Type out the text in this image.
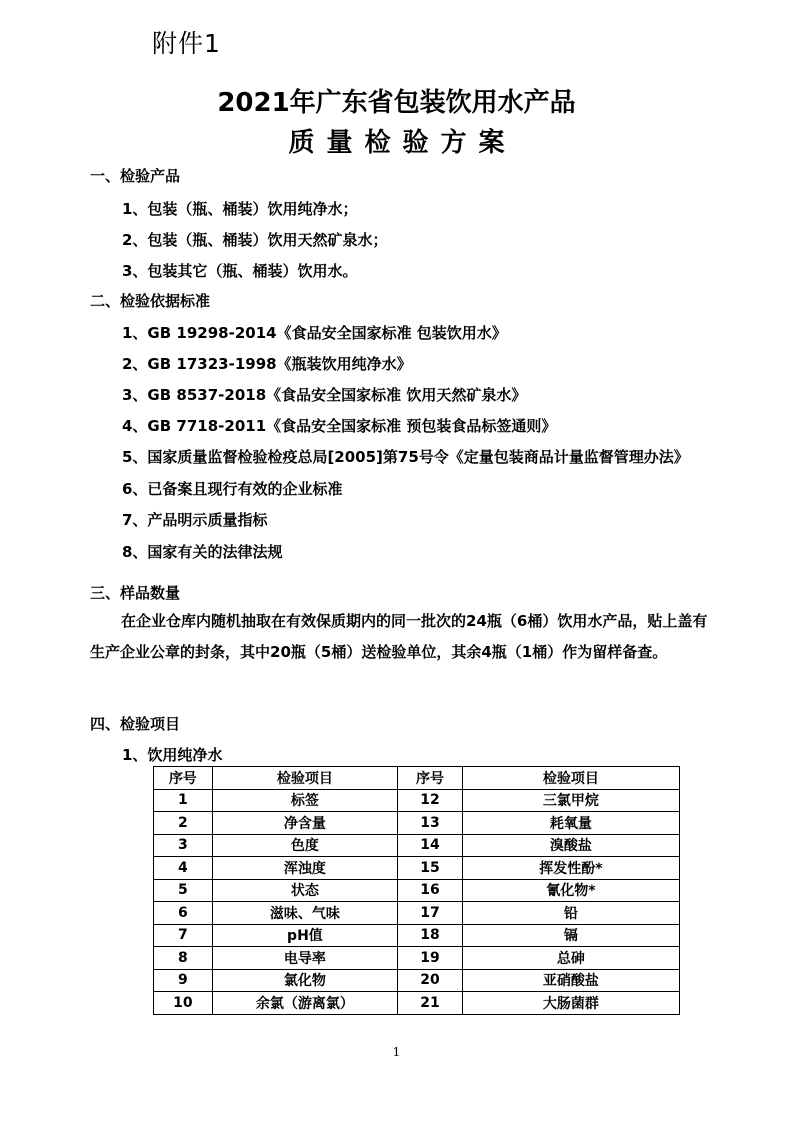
附件1
2021年广东省包装饮用水产品
质量检验方案
一、检验产品
1、包装（瓶、桶装）饮用纯净水；
2、包装（瓶、桶装）饮用天然矿泉水；
3、包装其它（瓶、桶装）饮用水。
二、检验依据标准
1、GB 19298-2014《食品安全国家标准 包装饮用水》
2、GB 17323-1998《瓶装饮用纯净水》
3、GB 8537-2018《食品安全国家标准 饮用天然矿泉水》
4、GB 7718-2011《食品安全国家标准 预包装食品标签通则》
5、国家质量监督检验检疫总局[2005]第75号令《定量包装商品计量监督管理办法》
6、已备案且现行有效的企业标准
7、产品明示质量指标
8、国家有关的法律法规
三、样品数量
在企业仓库内随机抽取在有效保质期内的同一批次的24瓶（6桶）饮用水产品，贴上盖有生产企业公章的封条，其中20瓶（5桶）送检验单位，其余4瓶（1桶）作为留样备查。
四、检验项目
1、饮用纯净水
序号	检验项目	序号	检验项目
1	标签	12	三氯甲烷
2	净含量	13	耗氧量
3	色度	14	溴酸盐
4	浑浊度	15	挥发性酚*
5	状态	16	氰化物*
6	滋味、气味	17	铅
7	pH值	18	镉
8	电导率	19	总砷
9	氯化物	20	亚硝酸盐
10	余氯（游离氯）	21	大肠菌群
1
